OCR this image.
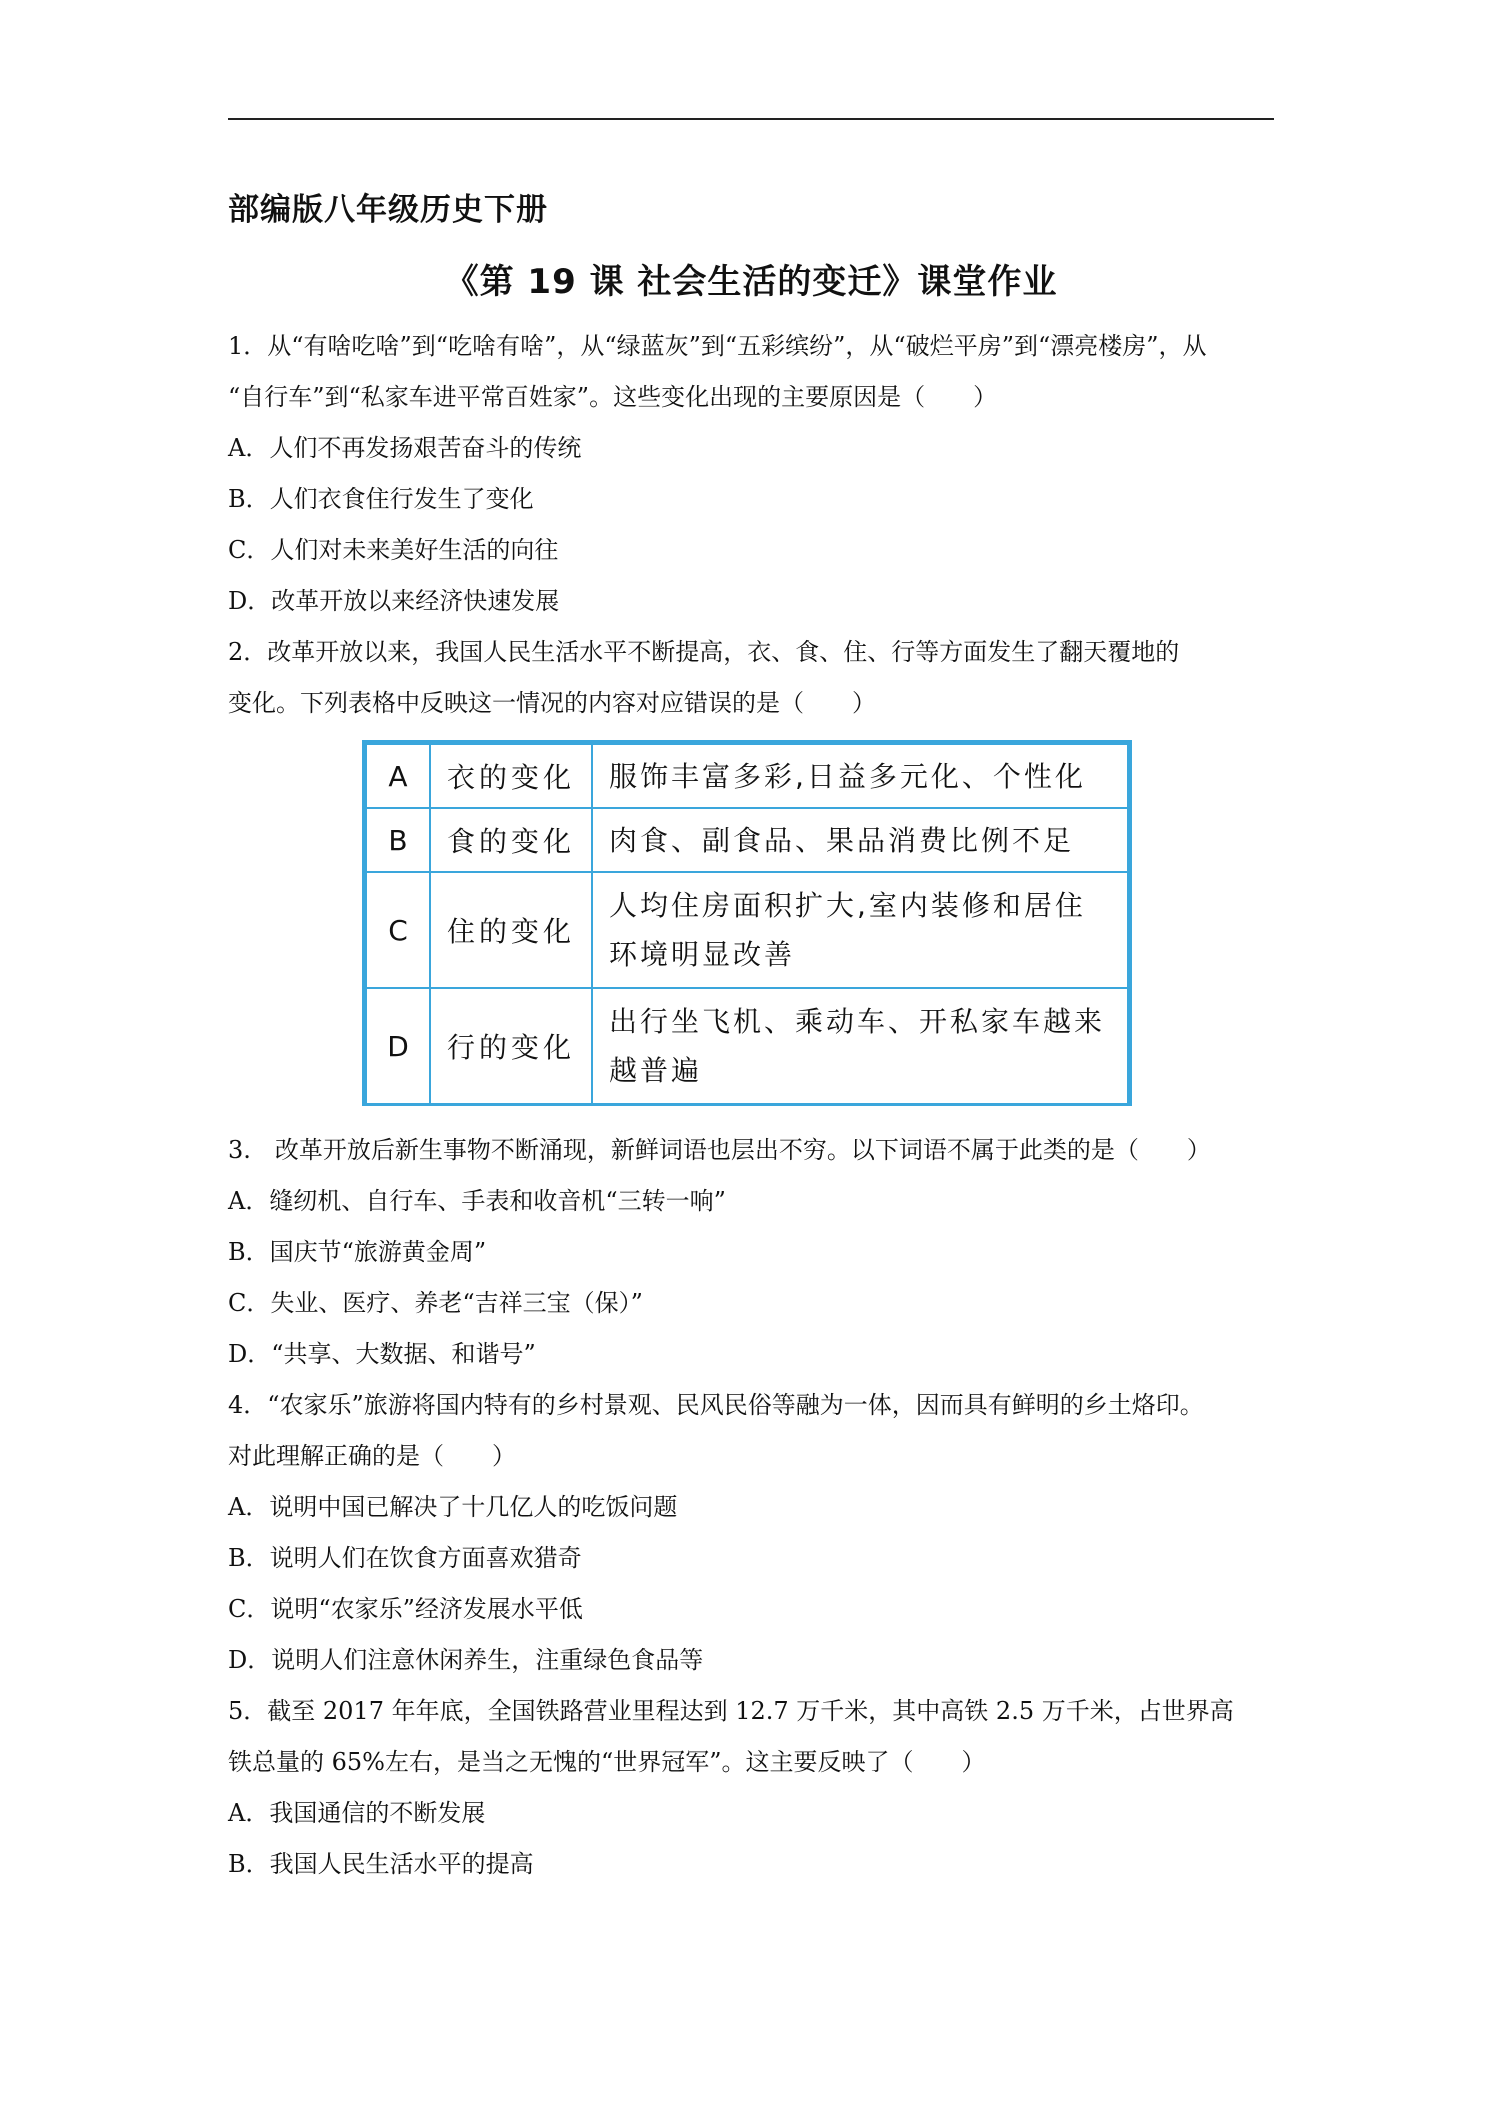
部编版八年级历史下册
《第 19 课 社会生活的变迁》课堂作业
1．从“有啥吃啥”到“吃啥有啥”，从“绿蓝灰”到“五彩缤纷”，从“破烂平房”到“漂亮楼房”，从
“自行车”到“私家车进平常百姓家”。这些变化出现的主要原因是（　　）
A．人们不再发扬艰苦奋斗的传统
B．人们衣食住行发生了变化
C．人们对未来美好生活的向往
D．改革开放以来经济快速发展
2．改革开放以来，我国人民生活水平不断提高，衣、食、住、行等方面发生了翻天覆地的
变化。下列表格中反映这一情况的内容对应错误的是（　　）
A	衣的变化	服饰丰富多彩,日益多元化、个性化
B	食的变化	肉食、副食品、果品消费比例不足
C	住的变化	人均住房面积扩大,室内装修和居住环境明显改善
D	行的变化	出行坐飞机、乘动车、开私家车越来越普遍
3.　改革开放后新生事物不断涌现，新鲜词语也层出不穷。以下词语不属于此类的是（　　）
A．缝纫机、自行车、手表和收音机“三转一响”
B．国庆节“旅游黄金周”
C．失业、医疗、养老“吉祥三宝（保）”
D．“共享、大数据、和谐号”
4．“农家乐”旅游将国内特有的乡村景观、民风民俗等融为一体，因而具有鲜明的乡土烙印。
对此理解正确的是（　　）
A．说明中国已解决了十几亿人的吃饭问题
B．说明人们在饮食方面喜欢猎奇
C．说明“农家乐”经济发展水平低
D．说明人们注意休闲养生，注重绿色食品等
5．截至 2017 年年底，全国铁路营业里程达到 12.7 万千米，其中高铁 2.5 万千米，占世界高
铁总量的 65%左右，是当之无愧的“世界冠军”。这主要反映了（　　）
A．我国通信的不断发展
B．我国人民生活水平的提高
